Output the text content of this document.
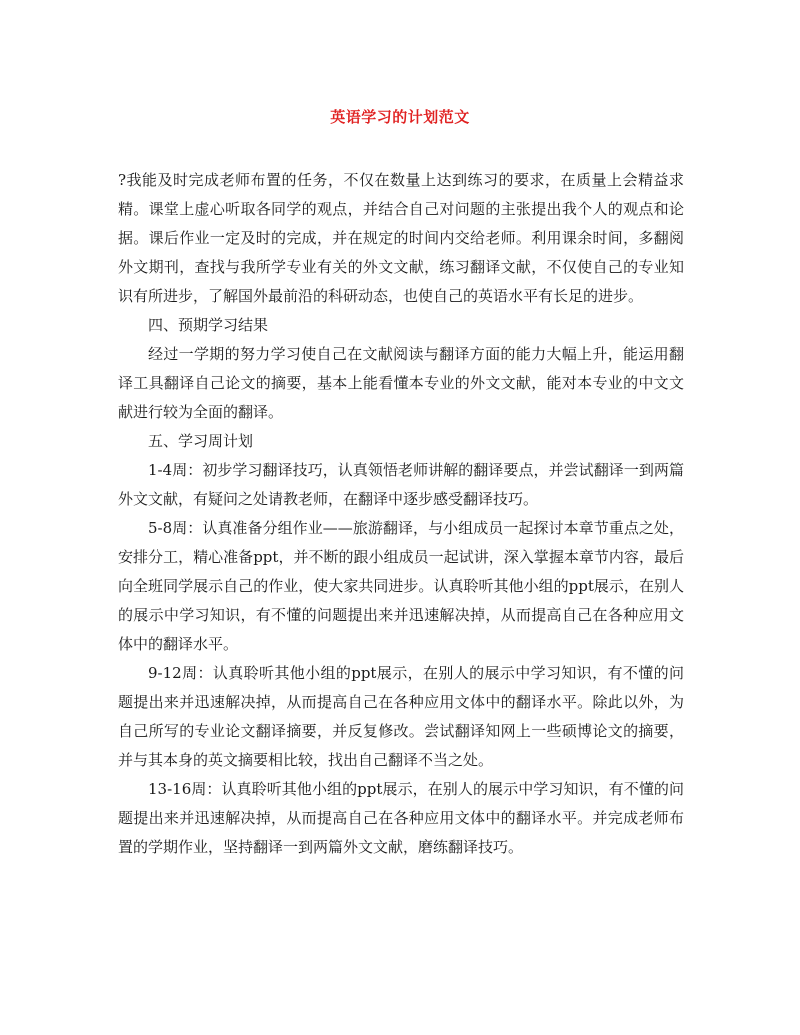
英语学习的计划范文

?我能及时完成老师布置的任务，不仅在数量上达到练习的要求，在质量上会精益求精。课堂上虚心听取各同学的观点，并结合自己对问题的主张提出我个人的观点和论据。课后作业一定及时的完成，并在规定的时间内交给老师。利用课余时间，多翻阅外文期刊，查找与我所学专业有关的外文文献，练习翻译文献，不仅使自己的专业知识有所进步，了解国外最前沿的科研动态，也使自己的英语水平有长足的进步。

四、预期学习结果

经过一学期的努力学习使自己在文献阅读与翻译方面的能力大幅上升，能运用翻译工具翻译自己论文的摘要，基本上能看懂本专业的外文文献，能对本专业的中文文献进行较为全面的翻译。

五、学习周计划

1-4周：初步学习翻译技巧，认真领悟老师讲解的翻译要点，并尝试翻译一到两篇外文文献，有疑问之处请教老师，在翻译中逐步感受翻译技巧。

5-8周：认真准备分组作业——旅游翻译，与小组成员一起探讨本章节重点之处，安排分工，精心准备ppt，并不断的跟小组成员一起试讲，深入掌握本章节内容，最后向全班同学展示自己的作业，使大家共同进步。认真聆听其他小组的ppt展示，在别人的展示中学习知识，有不懂的问题提出来并迅速解决掉，从而提高自己在各种应用文体中的翻译水平。

9-12周：认真聆听其他小组的ppt展示，在别人的展示中学习知识，有不懂的问题提出来并迅速解决掉，从而提高自己在各种应用文体中的翻译水平。除此以外，为自己所写的专业论文翻译摘要，并反复修改。尝试翻译知网上一些硕博论文的摘要，并与其本身的英文摘要相比较，找出自己翻译不当之处。

13-16周：认真聆听其他小组的ppt展示，在别人的展示中学习知识，有不懂的问题提出来并迅速解决掉，从而提高自己在各种应用文体中的翻译水平。并完成老师布置的学期作业，坚持翻译一到两篇外文文献，磨练翻译技巧。
